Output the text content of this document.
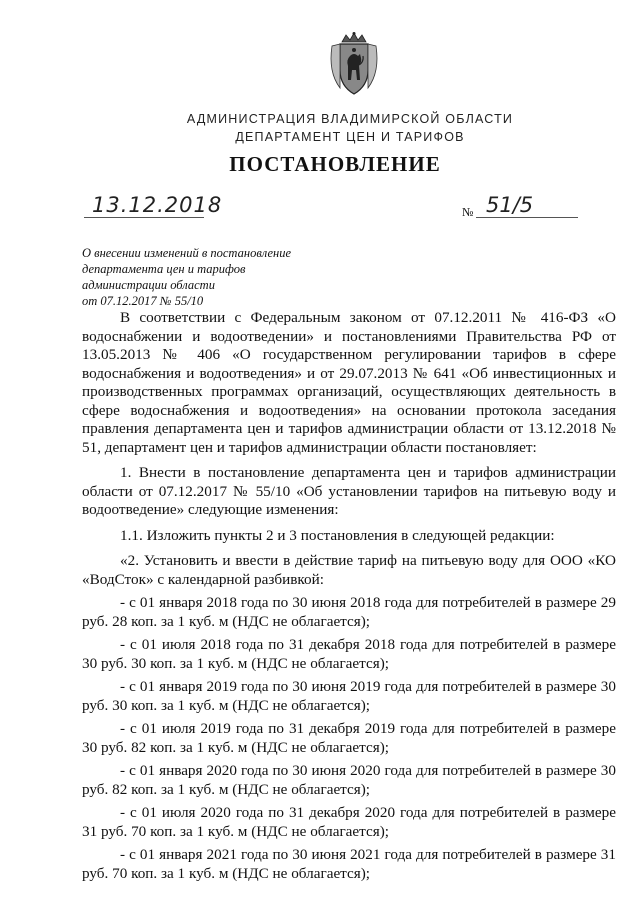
АДМИНИСТРАЦИЯ ВЛАДИМИРСКОЙ ОБЛАСТИ
ДЕПАРТАМЕНТ ЦЕН И ТАРИФОВ
ПОСТАНОВЛЕНИЕ
13.12.2018	№ 51/5
О внесении изменений в постановление
департамента цен и тарифов
администрации области
от 07.12.2017 № 55/10

В соответствии с Федеральным законом от 07.12.2011 № 416-ФЗ «О водоснабжении и водоотведении» и постановлениями Правительства РФ от 13.05.2013 № 406 «О государственном регулировании тарифов в сфере водоснабжения и водоотведения» и от 29.07.2013 № 641 «Об инвестиционных и производственных программах организаций, осуществляющих деятельность в сфере водоснабжения и водоотведения» на основании протокола заседания правления департамента цен и тарифов администрации области от 13.12.2018 № 51, департамент цен и тарифов администрации области постановляет:

1. Внести в постановление департамента цен и тарифов администрации области от 07.12.2017 № 55/10 «Об установлении тарифов на питьевую воду и водоотведение» следующие изменения:

1.1. Изложить пункты 2 и 3 постановления в следующей редакции:

«2. Установить и ввести в действие тариф на питьевую воду для ООО «КО «ВодСток» с календарной разбивкой:

- с 01 января 2018 года по 30 июня 2018 года для потребителей в размере 29 руб. 28 коп. за 1 куб. м (НДС не облагается);

- с 01 июля 2018 года по 31 декабря 2018 года для потребителей в размере 30 руб. 30 коп. за 1 куб. м (НДС не облагается);

- с 01 января 2019 года по 30 июня 2019 года для потребителей в размере 30 руб. 30 коп. за 1 куб. м (НДС не облагается);

- с 01 июля 2019 года по 31 декабря 2019 года для потребителей в размере 30 руб. 82 коп. за 1 куб. м (НДС не облагается);

- с 01 января 2020 года по 30 июня 2020 года для потребителей в размере 30 руб. 82 коп. за 1 куб. м (НДС не облагается);

- с 01 июля 2020 года по 31 декабря 2020 года для потребителей в размере 31 руб. 70 коп. за 1 куб. м (НДС не облагается);

- с 01 января 2021 года по 30 июня 2021 года для потребителей в размере 31 руб. 70 коп. за 1 куб. м (НДС не облагается);
